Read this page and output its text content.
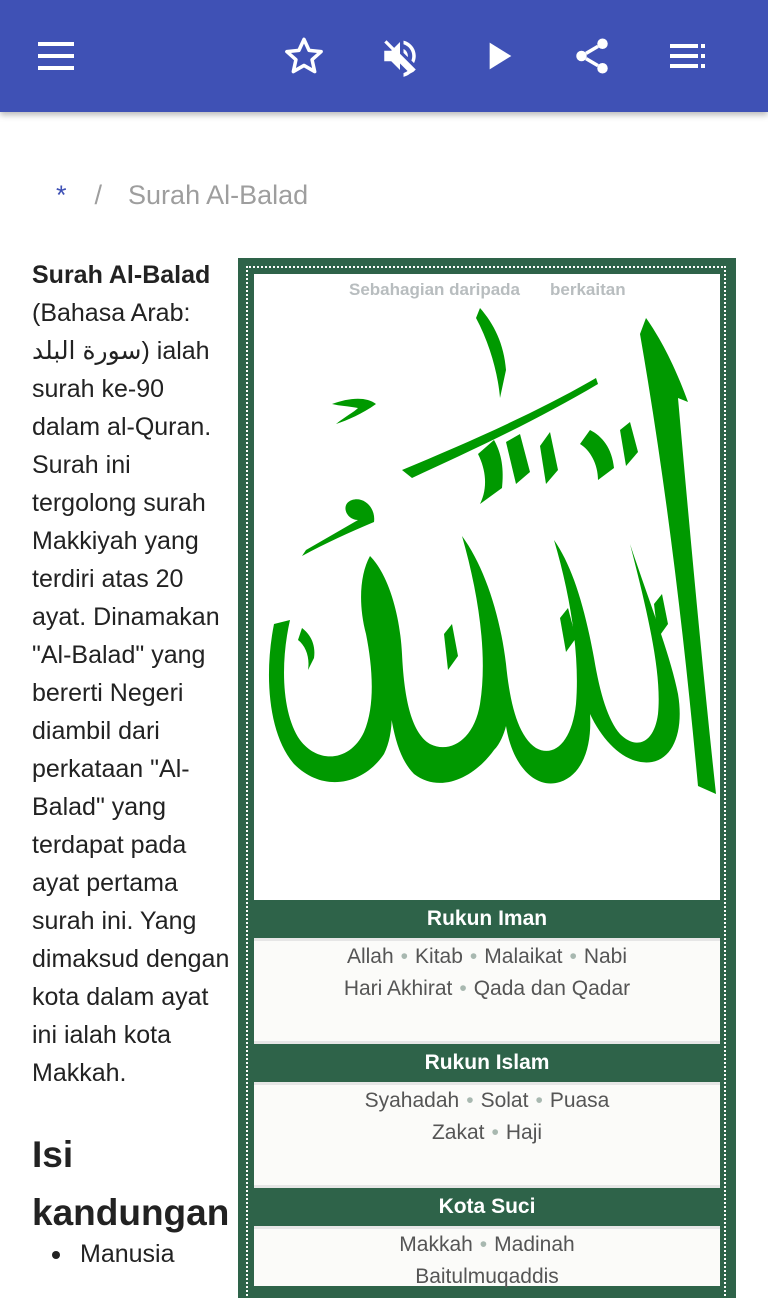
* / Surah Al-Balad
Surah Al-Balad (Bahasa Arab: سورة البلد) ialah surah ke-90 dalam al-Quran. Surah ini tergolong surah Makkiyah yang terdiri atas 20 ayat. Dinamakan "Al-Balad" yang bererti Negeri diambil dari perkataan "Al-Balad" yang terdapat pada ayat pertama surah ini. Yang dimaksud dengan kota dalam ayat ini ialah kota Makkah.
Isi kandungan
Manusia
Sebahagian daripada berkaitan
Rukun Iman
Allah • Kitab • Malaikat • Nabi
Hari Akhirat • Qada dan Qadar
Rukun Islam
Syahadah • Solat • Puasa
Zakat • Haji
Kota Suci
Makkah • Madinah
Baitulmuqaddis
